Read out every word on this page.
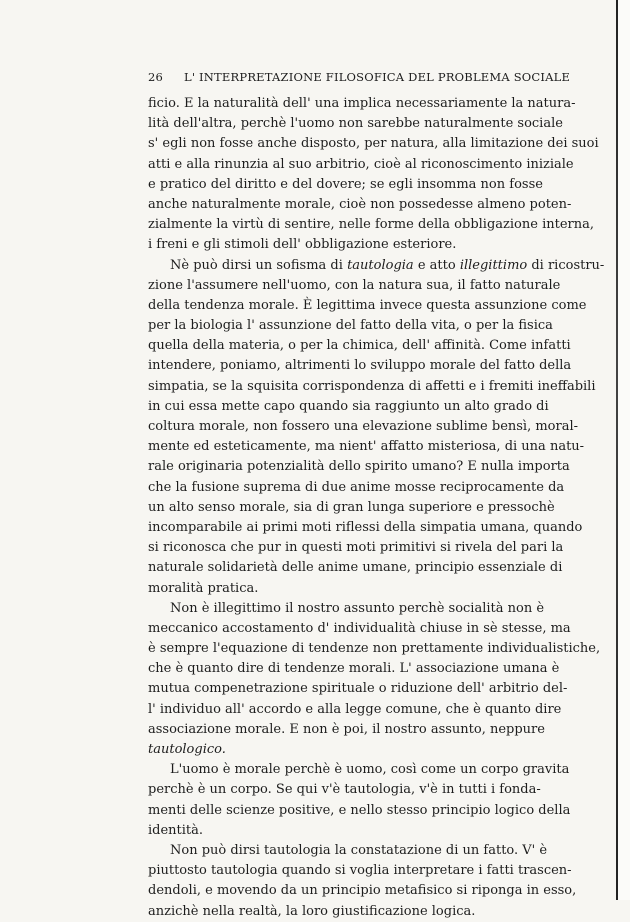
26 L' INTERPRETAZIONE FILOSOFICA DEL PROBLEMA SOCIALE
ficio. E la naturalità dell' una implica necessariamente la natura-
lità dell'altra, perchè l'uomo non sarebbe naturalmente sociale
s' egli non fosse anche disposto, per natura, alla limitazione dei suoi
atti e alla rinunzia al suo arbitrio, cioè al riconoscimento iniziale
e pratico del diritto e del dovere; se egli insomma non fosse
anche naturalmente morale, cioè non possedesse almeno poten-
zialmente la virtù di sentire, nelle forme della obbligazione interna,
i freni e gli stimoli dell' obbligazione esteriore.
Nè può dirsi un sofisma di tautologia e atto illegittimo di ricostru-
zione l'assumere nell'uomo, con la natura sua, il fatto naturale
della tendenza morale. È legittima invece questa assunzione come
per la biologia l' assunzione del fatto della vita, o per la fisica
quella della materia, o per la chimica, dell' affinità. Come infatti
intendere, poniamo, altrimenti lo sviluppo morale del fatto della
simpatia, se la squisita corrispondenza di affetti e i fremiti ineffabili
in cui essa mette capo quando sia raggiunto un alto grado di
coltura morale, non fossero una elevazione sublime bensì, moral-
mente ed esteticamente, ma nient' affatto misteriosa, di una natu-
rale originaria potenzialità dello spirito umano? E nulla importa
che la fusione suprema di due anime mosse reciprocamente da
un alto senso morale, sia di gran lunga superiore e pressochè
incomparabile ai primi moti riflessi della simpatia umana, quando
si riconosca che pur in questi moti primitivi si rivela del pari la
naturale solidarietà delle anime umane, principio essenziale di
moralità pratica.
Non è illegittimo il nostro assunto perchè socialità non è
meccanico accostamento d' individualità chiuse in sè stesse, ma
è sempre l'equazione di tendenze non prettamente individualistiche,
che è quanto dire di tendenze morali. L' associazione umana è
mutua compenetrazione spirituale o riduzione dell' arbitrio del-
l' individuo all' accordo e alla legge comune, che è quanto dire
associazione morale. E non è poi, il nostro assunto, neppure
tautologico.
L'uomo è morale perchè è uomo, così come un corpo gravita
perchè è un corpo. Se qui v'è tautologia, v'è in tutti i fonda-
menti delle scienze positive, e nello stesso principio logico della
identità.
Non può dirsi tautologia la constatazione di un fatto. V' è
piuttosto tautologia quando si voglia interpretare i fatti trascen-
dendoli, e movendo da un principio metafisico si riponga in esso,
anzichè nella realtà, la loro giustificazione logica.
